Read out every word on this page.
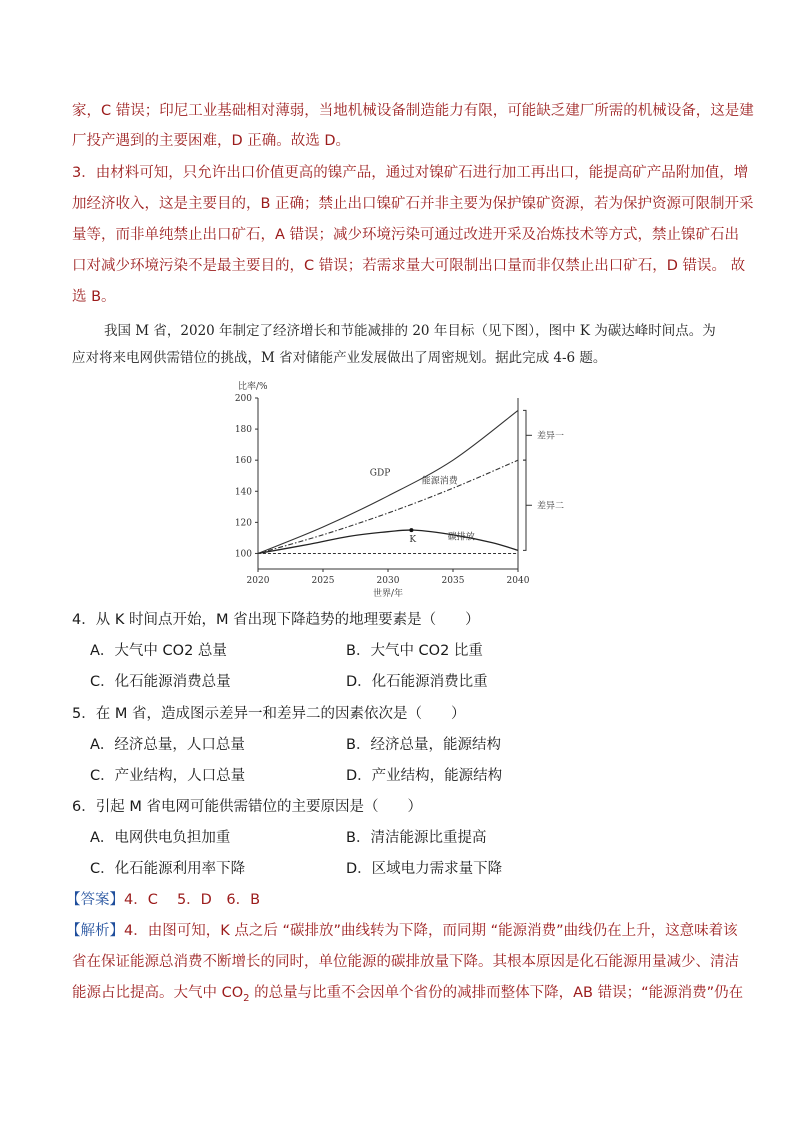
家，C 错误；印尼工业基础相对薄弱，当地机械设备制造能力有限，可能缺乏建厂所需的机械设备，这是建
厂投产遇到的主要困难，D 正确。故选 D。
3．由材料可知，只允许出口价值更高的镍产品，通过对镍矿石进行加工再出口，能提高矿产品附加值，增
加经济收入，这是主要目的，B 正确；禁止出口镍矿石并非主要为保护镍矿资源，若为保护资源可限制开采
量等，而非单纯禁止出口矿石，A 错误；减少环境污染可通过改进开采及冶炼技术等方式，禁止镍矿石出
口对减少环境污染不是最主要目的，C 错误；若需求量大可限制出口量而非仅禁止出口矿石，D 错误。 故
选 B。
我国 M 省，2020 年制定了经济增长和节能减排的 20 年目标（见下图），图中 K 为碳达峰时间点。为
应对将来电网供需错位的挑战，M 省对储能产业发展做出了周密规划。据此完成 4-6 题。
100
120
140
160
180
200
2020	2025	2030	2035	2040
比率/%
世界/年
GDP
能源消费
碳排放
K
差异一
差异二
4．从 K 时间点开始，M 省出现下降趋势的地理要素是（　　）
A．大气中 CO2 总量	B．大气中 CO2 比重
C．化石能源消费总量	D．化石能源消费比重
5．在 M 省，造成图示差异一和差异二的因素依次是（　　）
A．经济总量，人口总量	B．经济总量，能源结构
C．产业结构，人口总量	D．产业结构，能源结构
6．引起 M 省电网可能供需错位的主要原因是（　　）
A．电网供电负担加重	B．清洁能源比重提高
C．化石能源利用率下降	D．区域电力需求量下降
【答案】4．C　 5．D　6．B
【解析】4．由图可知，K 点之后 “碳排放”曲线转为下降，而同期 “能源消费”曲线仍在上升，这意味着该
省在保证能源总消费不断增长的同时，单位能源的碳排放量下降。其根本原因是化石能源用量减少、清洁
能源占比提高。大气中 $CO_2$ 的总量与比重不会因单个省份的减排而整体下降，AB 错误；“能源消费”仍在
